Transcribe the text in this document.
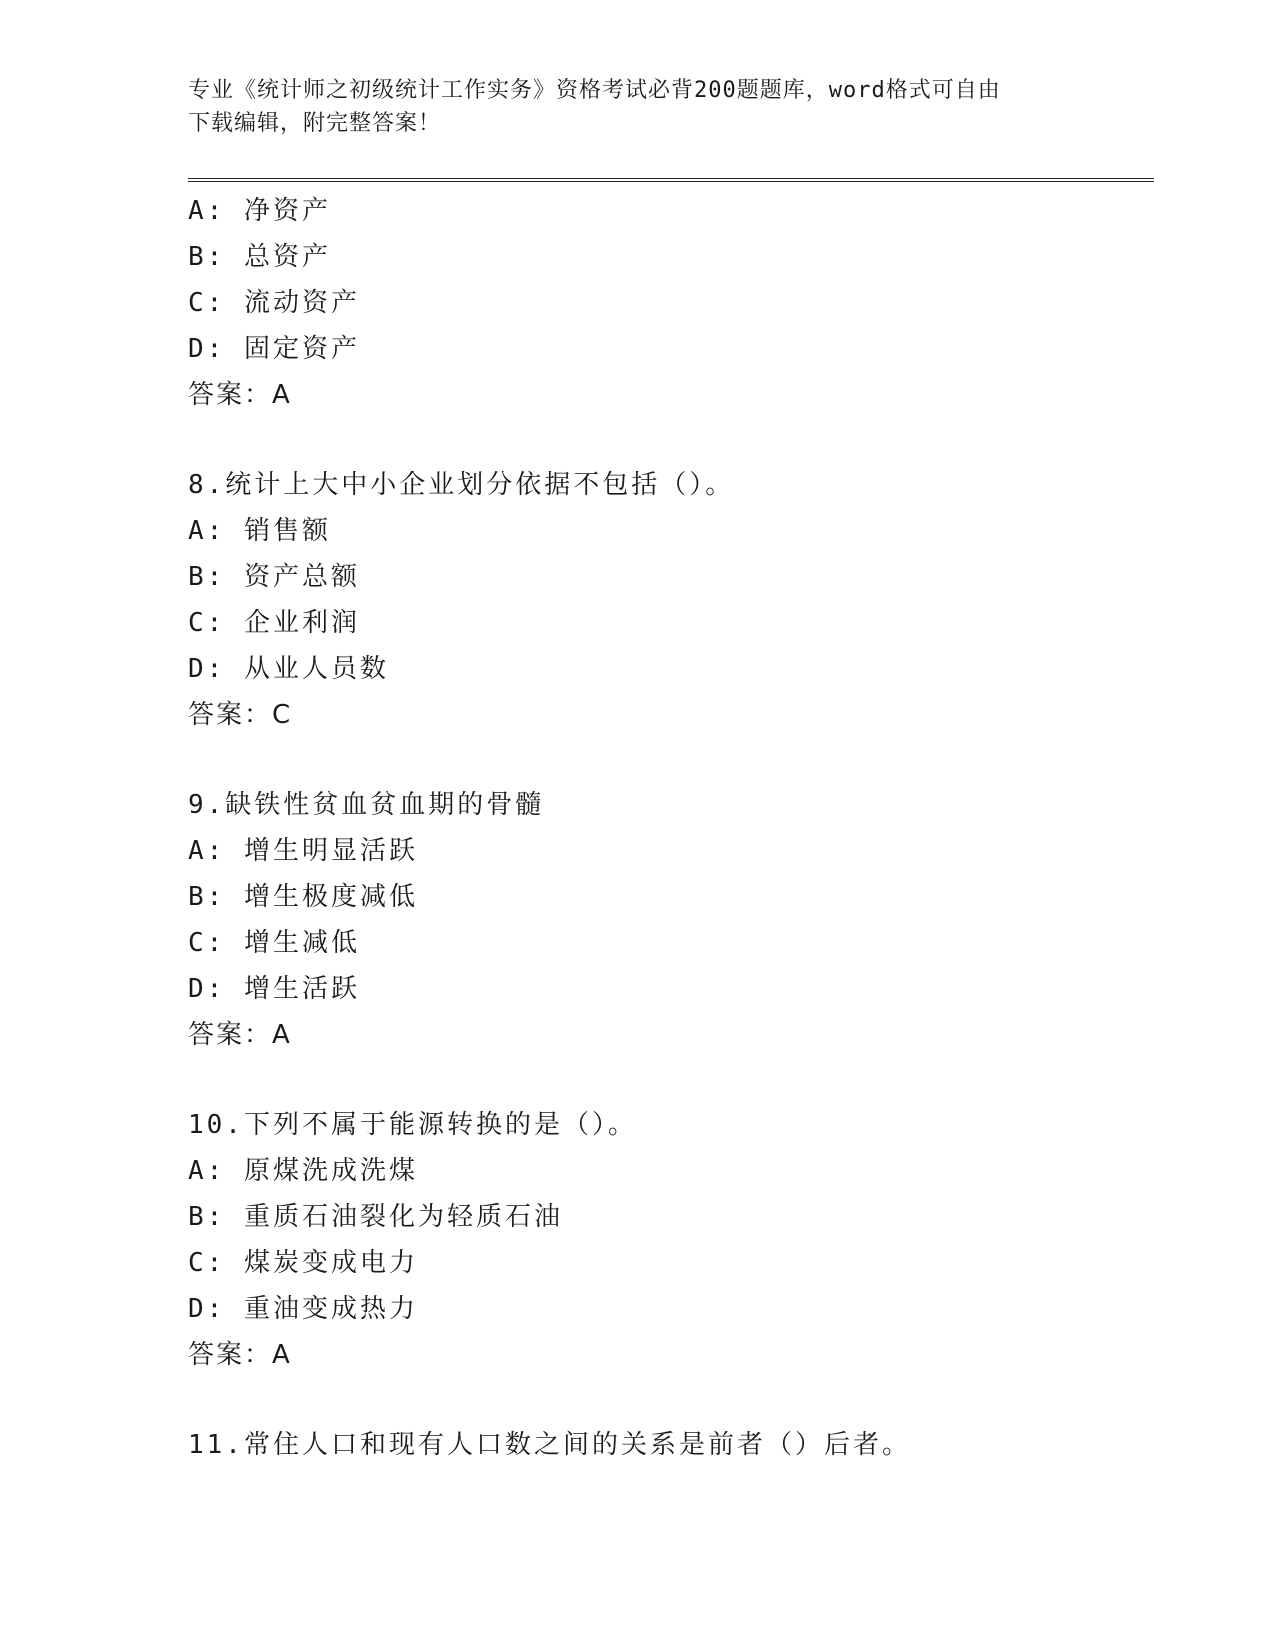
专业《统计师之初级统计工作实务》资格考试必背200题题库，word格式可自由
下载编辑，附完整答案！
A: 净资产
B: 总资产
C: 流动资产
D: 固定资产
答案：A
8.统计上大中小企业划分依据不包括（）。
A: 销售额
B: 资产总额
C: 企业利润
D: 从业人员数
答案：C
9.缺铁性贫血贫血期的骨髓
A: 增生明显活跃
B: 增生极度减低
C: 增生减低
D: 增生活跃
答案：A
10.下列不属于能源转换的是（）。
A: 原煤洗成洗煤
B: 重质石油裂化为轻质石油
C: 煤炭变成电力
D: 重油变成热力
答案：A
11.常住人口和现有人口数之间的关系是前者（）后者。
